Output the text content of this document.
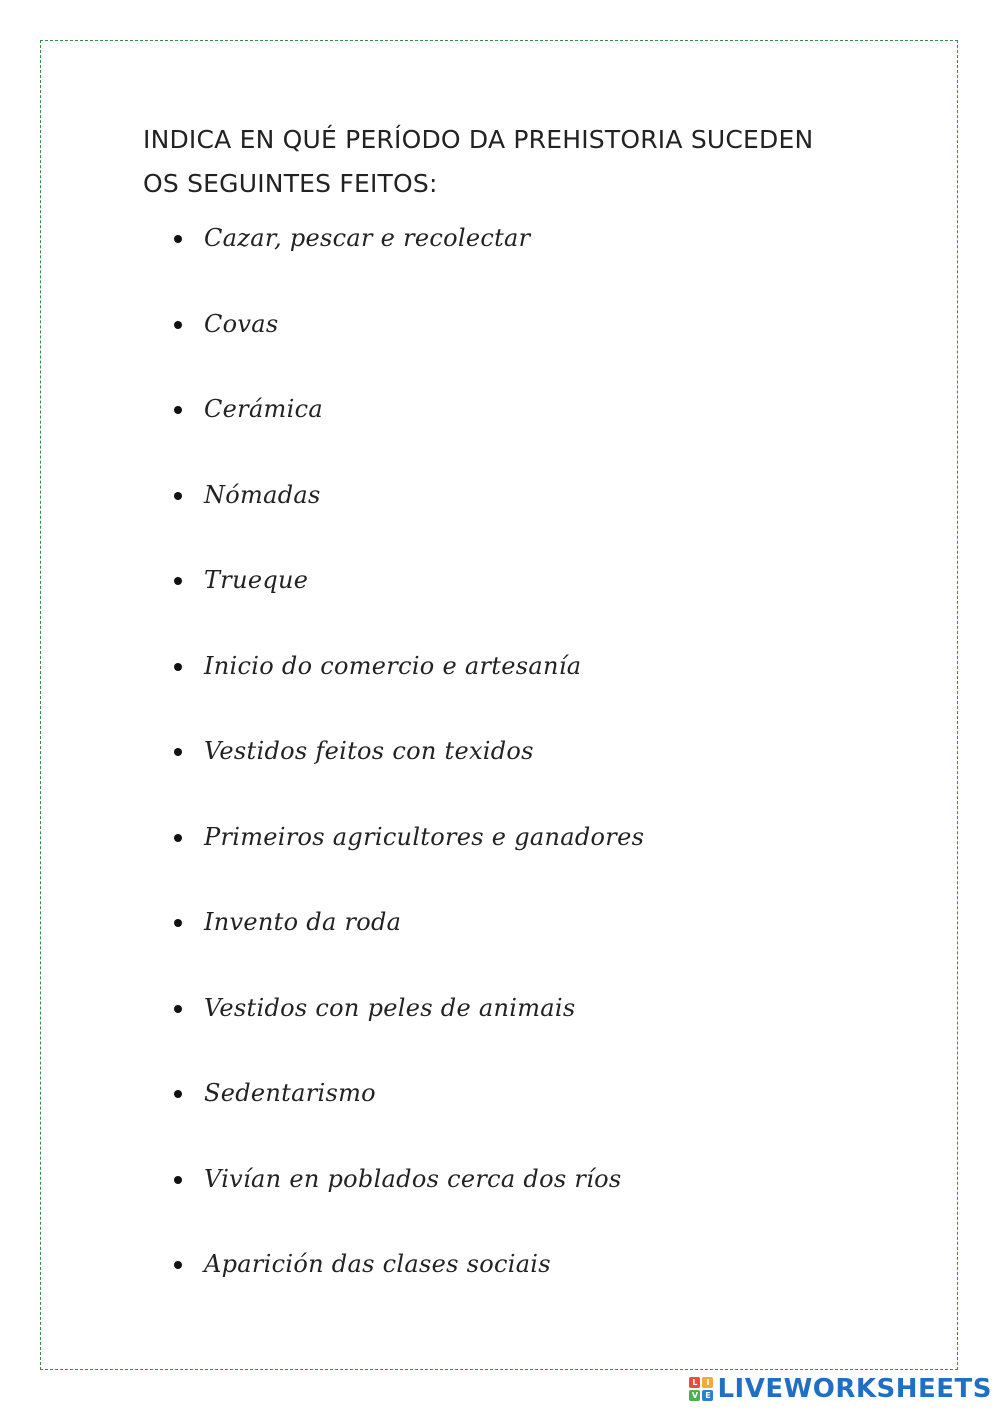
INDICA EN QUÉ PERÍODO DA PREHISTORIA SUCEDEN
OS SEGUINTES FEITOS:
Cazar, pescar e recolectar
Covas
Cerámica
Nómadas
Trueque
Inicio do comercio e artesanía
Vestidos feitos con texidos
Primeiros agricultores e ganadores
Invento da roda
Vestidos con peles de animais
Sedentarismo
Vivían en poblados cerca dos ríos
Aparición das clases sociais
L	I
V E LIVEWORKSHEETS
